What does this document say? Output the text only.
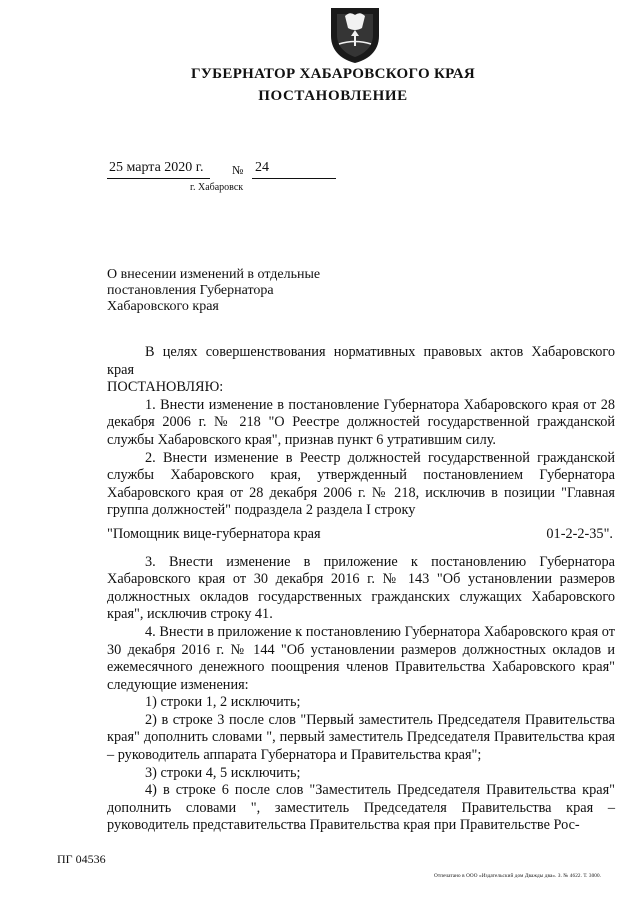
ГУБЕРНАТОР ХАБАРОВСКОГО КРАЯ
ПОСТАНОВЛЕНИЕ
25 марта 2020 г. № 24
г. Хабаровск
О внесении изменений в отдельные постановления Губернатора Хабаровского края

В целях совершенствования нормативных правовых актов Хабаровского края

ПОСТАНОВЛЯЮ:

1. Внести изменение в постановление Губернатора Хабаровского края от 28 декабря 2006 г. № 218 "О Реестре должностей государственной гражданской службы Хабаровского края", признав пункт 6 утратившим силу.

2. Внести изменение в Реестр должностей государственной гражданской службы Хабаровского края, утвержденный постановлением Губернатора Хабаровского края от 28 декабря 2006 г. № 218, исключив в позиции "Главная группа должностей" подраздела 2 раздела I строку

"Помощник вице-губернатора края	01-2-2-35".

3. Внести изменение в приложение к постановлению Губернатора Хабаровского края от 30 декабря 2016 г. № 143 "Об установлении размеров должностных окладов государственных гражданских служащих Хабаровского края", исключив строку 41.

4. Внести в приложение к постановлению Губернатора Хабаровского края от 30 декабря 2016 г. № 144 "Об установлении размеров должностных окладов и ежемесячного денежного поощрения членов Правительства Хабаровского края" следующие изменения:

1) строки 1, 2 исключить;

2) в строке 3 после слов "Первый заместитель Председателя Правительства края" дополнить словами ", первый заместитель Председателя Правительства края – руководитель аппарата Губернатора и Правительства края";

3) строки 4, 5 исключить;

4) в строке 6 после слов "Заместитель Председателя Правительства края" дополнить словами ", заместитель Председателя Правительства края – руководитель представительства Правительства края при Правительстве Рос-

ПГ 04536
Отпечатано в ООО «Издательский дом Дважды два». З. № 4622. Т. 3000.
